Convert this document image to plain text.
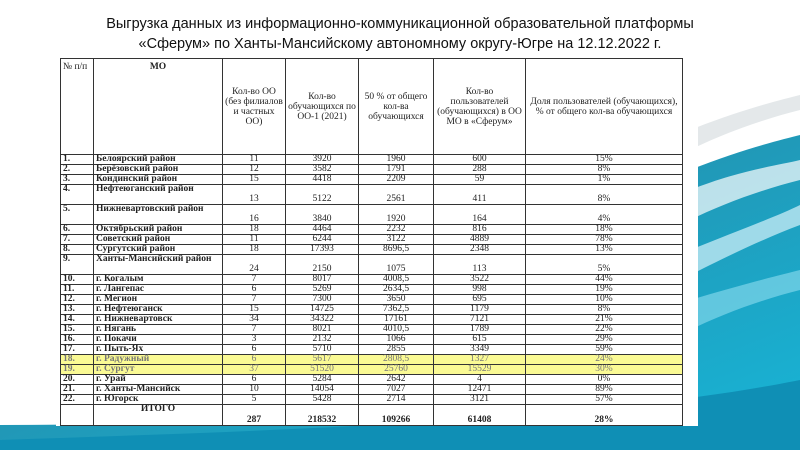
Выгрузка данных из информационно-коммуникационной образовательной платформы
«Сферум» по Ханты-Мансийскому автономному округу-Югре на 12.12.2022 г.
№ п/п	МО	Кол-во ОО (без филиалов и частных ОО)	Кол-во обучающихся по ОО-1 (2021)	50 % от общего кол-ва обучающихся	Кол-во пользователей (обучающихся) в ОО МО в «Сферум»	Доля пользователей (обучающихся), % от общего кол-ва обучающихся
1.	Белоярский район	11	3920	1960	600	15%
2.	Берёзовский район	12	3582	1791	288	8%
3.	Кондинский район	15	4418	2209	59	1%
4.	Нефтеюганский район	13	5122	2561	411	8%
5.	Нижневартовский район	16	3840	1920	164	4%
6.	Октябрьский район	18	4464	2232	816	18%
7.	Советский район	11	6244	3122	4889	78%
8.	Сургутский район	18	17393	8696,5	2348	13%
9.	Ханты-Мансийский район	24	2150	1075	113	5%
10.	г. Когалым	7	8017	4008,5	3522	44%
11.	г. Лангепас	6	5269	2634,5	998	19%
12.	г. Мегион	7	7300	3650	695	10%
13.	г. Нефтеюганск	15	14725	7362,5	1179	8%
14.	г. Нижневартовск	34	34322	17161	7121	21%
15.	г. Нягань	7	8021	4010,5	1789	22%
16.	г. Покачи	3	2132	1066	615	29%
17.	г. Пыть-Ях	6	5710	2855	3349	59%
18.	г. Радужный	6	5617	2808,5	1327	24%
19.	г. Сургут	37	51520	25760	15529	30%
20.	г. Урай	6	5284	2642	4	0%
21.	г. Ханты-Мансийск	10	14054	7027	12471	89%
22.	г. Югорск	5	5428	2714	3121	57%
	ИТОГО	287	218532	109266	61408	28%
